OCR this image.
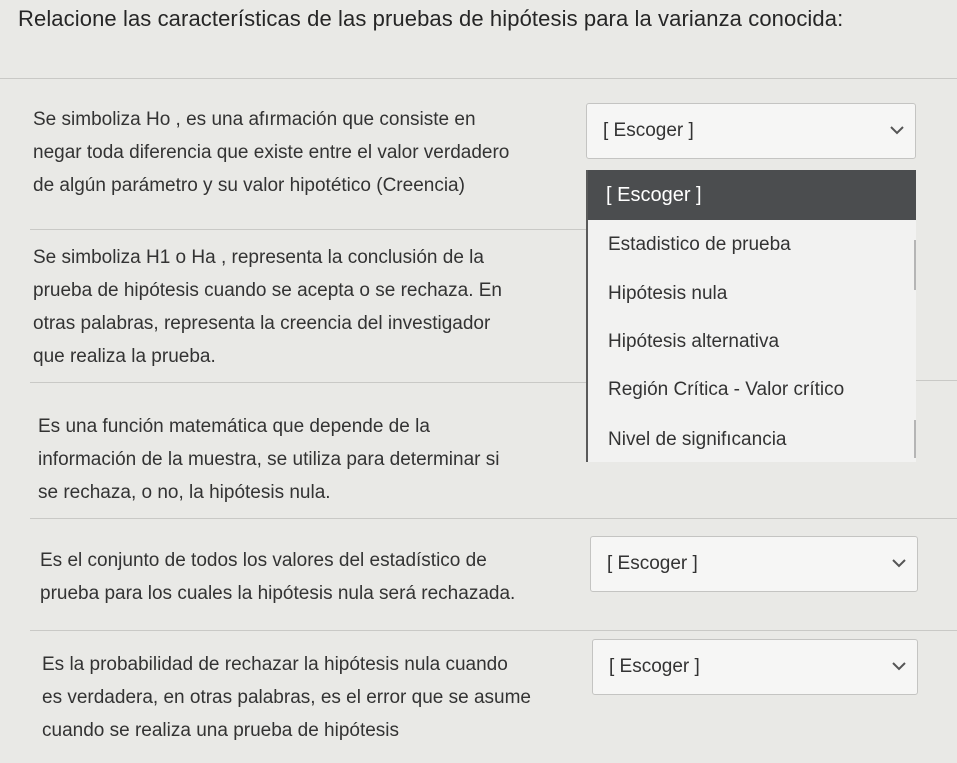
Relacione las características de las pruebas de hipótesis para la varianza conocida:
Se simboliza Ho , es una afırmación que consiste en
negar toda diferencia que existe entre el valor verdadero
de algún parámetro y su valor hipotético (Creencia)
[ Escoger ]
Se simboliza H1 o Ha , representa la conclusión de la
prueba de hipótesis cuando se acepta o se rechaza. En
otras palabras, representa la creencia del investigador
que realiza la prueba.
Es una función matemática que depende de la
información de la muestra, se utiliza para determinar si
se rechaza, o no, la hipótesis nula.
[ Escoger ]
Estadistico de prueba
Hipótesis nula
Hipótesis alternativa
Región Crítica - Valor crítico
Nivel de signifıcancia
Es el conjunto de todos los valores del estadístico de
prueba para los cuales la hipótesis nula será rechazada.
[ Escoger ]
Es la probabilidad de rechazar la hipótesis nula cuando
es verdadera, en otras palabras, es el error que se asume
cuando se realiza una prueba de hipótesis
[ Escoger ]
